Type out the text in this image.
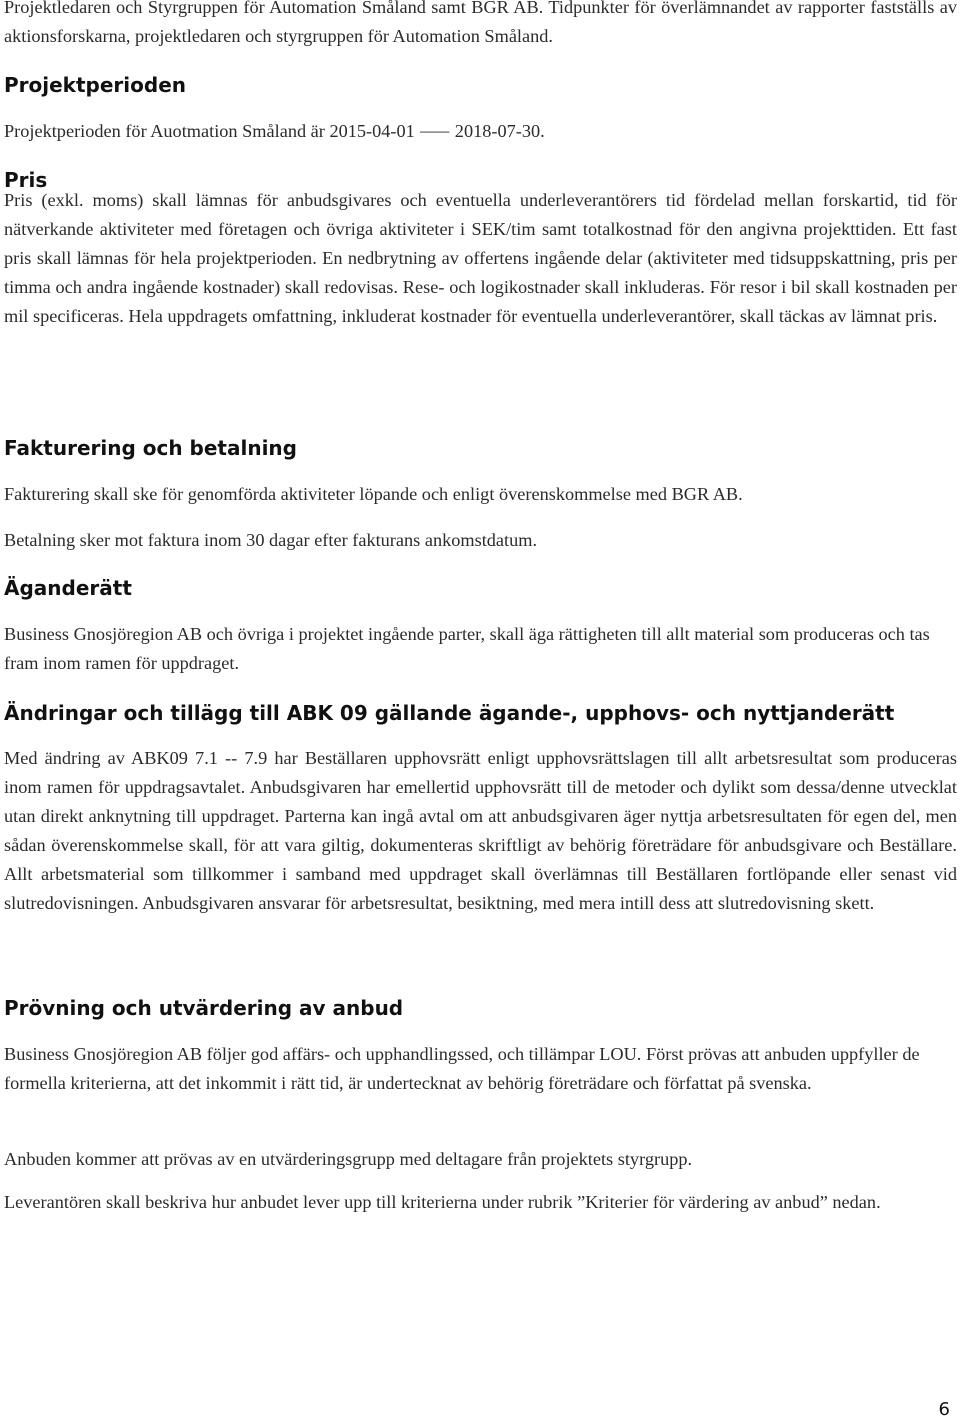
Projektledaren och Styrgruppen för Automation Småland samt BGR AB. Tidpunkter för överlämnandet av rapporter fastställs av aktionsforskarna, projektledaren och styrgruppen för Automation Småland.

Projektperioden

Projektperioden för Auotmation Småland är 2015-04-01 ⸺ 2018-07-30.

Pris

Pris (exkl. moms) skall lämnas för anbudsgivares och eventuella underleverantörers tid fördelad mellan forskartid, tid för nätverkande aktiviteter med företagen och övriga aktiviteter i SEK/tim samt totalkostnad för den angivna projekttiden. Ett fast pris skall lämnas för hela projektperioden. En nedbrytning av offertens ingående delar (aktiviteter med tidsuppskattning, pris per timma och andra ingående kostnader) skall redovisas. Rese- och logikostnader skall inkluderas. För resor i bil skall kostnaden per mil specificeras. Hela uppdragets omfattning, inkluderat kostnader för eventuella underleverantörer, skall täckas av lämnat pris.

Fakturering och betalning

Fakturering skall ske för genomförda aktiviteter löpande och enligt överenskommelse med BGR AB.

Betalning sker mot faktura inom 30 dagar efter fakturans ankomstdatum.

Äganderätt

Business Gnosjöregion AB och övriga i projektet ingående parter, skall äga rättigheten till allt material som produceras och tas fram inom ramen för uppdraget.

Ändringar och tillägg till ABK 09 gällande ägande-, upphovs- och nyttjanderätt

Med ändring av ABK09 7.1 -- 7.9 har Beställaren upphovsrätt enligt upphovsrättslagen till allt arbetsresultat som produceras inom ramen för uppdragsavtalet. Anbudsgivaren har emellertid upphovsrätt till de metoder och dylikt som dessa/denne utvecklat utan direkt anknytning till uppdraget. Parterna kan ingå avtal om att anbudsgivaren äger nyttja arbetsresultaten för egen del, men sådan överenskommelse skall, för att vara giltig, dokumenteras skriftligt av behörig företrädare för anbudsgivare och Beställare. Allt arbetsmaterial som tillkommer i samband med uppdraget skall överlämnas till Beställaren fortlöpande eller senast vid slutredovisningen. Anbudsgivaren ansvarar för arbetsresultat, besiktning, med mera intill dess att slutredovisning skett.

Prövning och utvärdering av anbud

Business Gnosjöregion AB följer god affärs- och upphandlingssed, och tillämpar LOU. Först prövas att anbuden uppfyller de formella kriterierna, att det inkommit i rätt tid, är undertecknat av behörig företrädare och författat på svenska.

Anbuden kommer att prövas av en utvärderingsgrupp med deltagare från projektets styrgrupp.

Leverantören skall beskriva hur anbudet lever upp till kriterierna under rubrik ”Kriterier för värdering av anbud” nedan.

6
